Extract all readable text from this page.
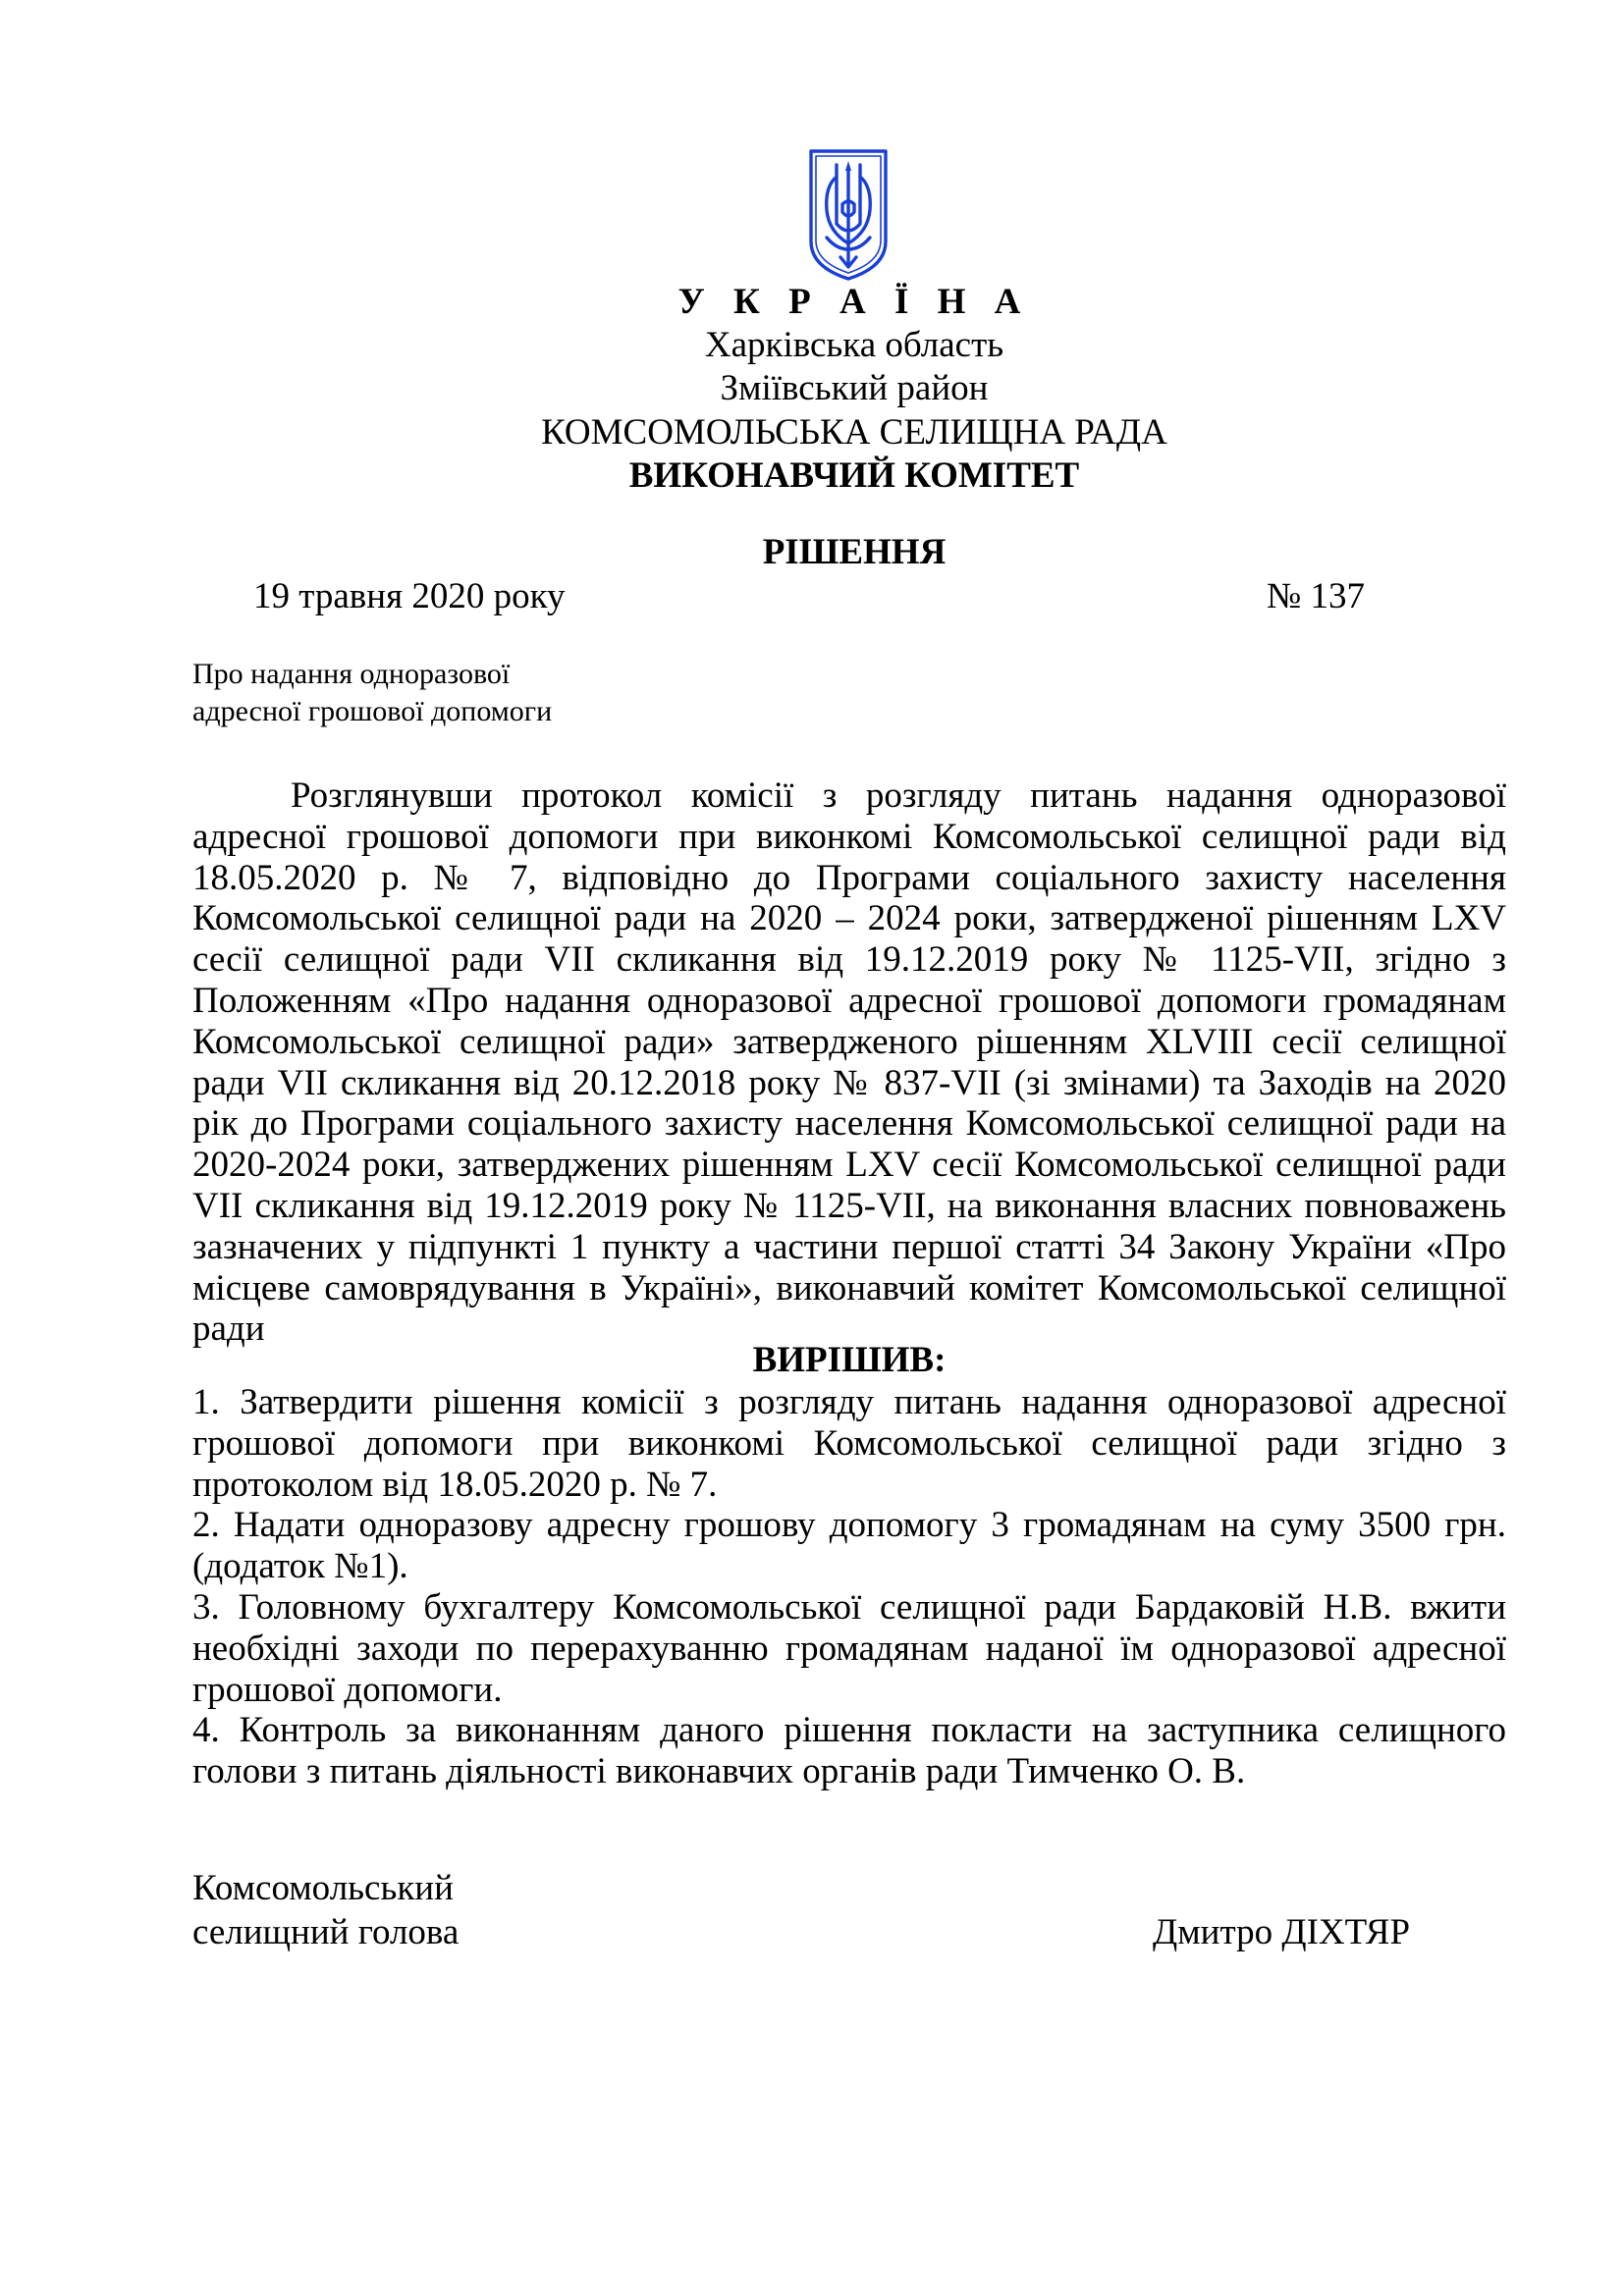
У К Р А Ї Н А
Харківська область
Зміївський район
КОМСОМОЛЬСЬКА СЕЛИЩНА РАДА
ВИКОНАВЧИЙ КОМІТЕТ
РІШЕННЯ
19 травня 2020 року	№ 137
Про надання одноразової
адресної грошової допомоги

Розглянувши протокол комісії з розгляду питань надання одноразової адресної грошової допомоги при виконкомі Комсомольської селищної ради від 18.05.2020 р. № 7, відповідно до Програми соціального захисту населення Комсомольської селищної ради на 2020 – 2024 роки, затвердженої рішенням LXV сесії селищної ради VII скликання від 19.12.2019 року № 1125-VІІ, згідно з Положенням «Про надання одноразової адресної грошової допомоги громадянам Комсомольської селищної ради» затвердженого рішенням XLVIII сесії селищної ради VII скликання від 20.12.2018 року № 837-VII (зі змінами) та Заходів на 2020 рік до Програми соціального захисту населення Комсомольської селищної ради на 2020-2024 роки, затверджених рішенням LXV сесії Комсомольської селищної ради VII скликання від 19.12.2019 року № 1125-VІІ, на виконання власних повноважень зазначених у підпункті 1 пункту а частини першої статті 34 Закону України «Про місцеве самоврядування в Україні», виконавчий комітет Комсомольської селищної ради

ВИРІШИВ:

1. Затвердити рішення комісії з розгляду питань надання одноразової адресної грошової допомоги при виконкомі Комсомольської селищної ради згідно з протоколом від 18.05.2020 р. № 7.

2. Надати одноразову адресну грошову допомогу 3 громадянам на суму 3500 грн. (додаток №1).

3. Головному бухгалтеру Комсомольської селищної ради Бардаковій Н.В. вжити необхідні заходи по перерахуванню громадянам наданої їм одноразової адресної грошової допомоги.

4. Контроль за виконанням даного рішення покласти на заступника селищного голови з питань діяльності виконавчих органів ради Тимченко О. В.

Комсомольський
селищний голова	Дмитро ДІХТЯР
